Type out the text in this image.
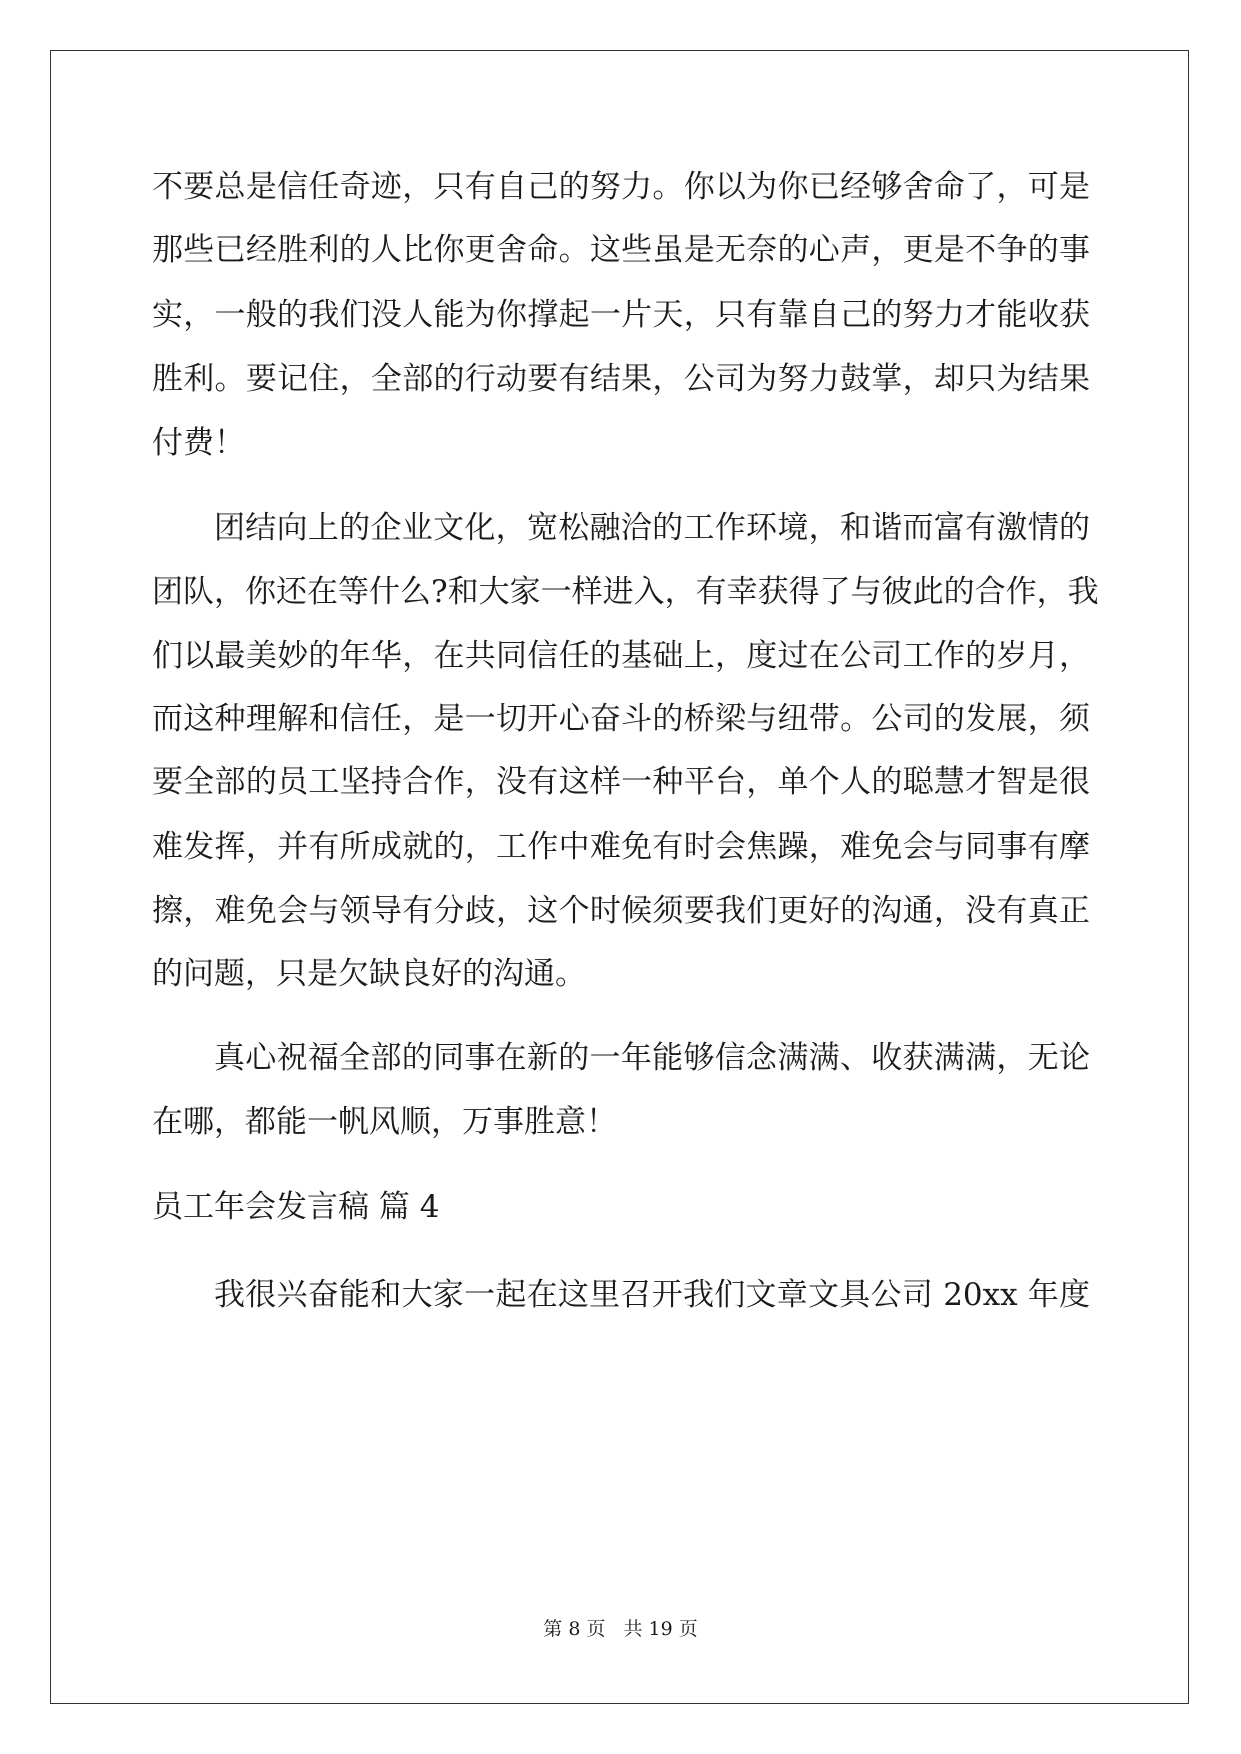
不要总是信任奇迹，只有自己的努力。你以为你已经够舍命了，可是
那些已经胜利的人比你更舍命。这些虽是无奈的心声，更是不争的事
实，一般的我们没人能为你撑起一片天，只有靠自己的努力才能收获
胜利。要记住，全部的行动要有结果，公司为努力鼓掌，却只为结果
付费！
团结向上的企业文化，宽松融洽的工作环境，和谐而富有激情的
团队，你还在等什么?和大家一样进入，有幸获得了与彼此的合作，我
们以最美妙的年华，在共同信任的基础上，度过在公司工作的岁月，
而这种理解和信任，是一切开心奋斗的桥梁与纽带。公司的发展，须
要全部的员工坚持合作，没有这样一种平台，单个人的聪慧才智是很
难发挥，并有所成就的，工作中难免有时会焦躁，难免会与同事有摩
擦，难免会与领导有分歧，这个时候须要我们更好的沟通，没有真正
的问题，只是欠缺良好的沟通。
真心祝福全部的同事在新的一年能够信念满满、收获满满，无论
在哪，都能一帆风顺，万事胜意！
员工年会发言稿 篇 4
我很兴奋能和大家一起在这里召开我们文章文具公司 20xx 年度
第 8 页 共 19 页
